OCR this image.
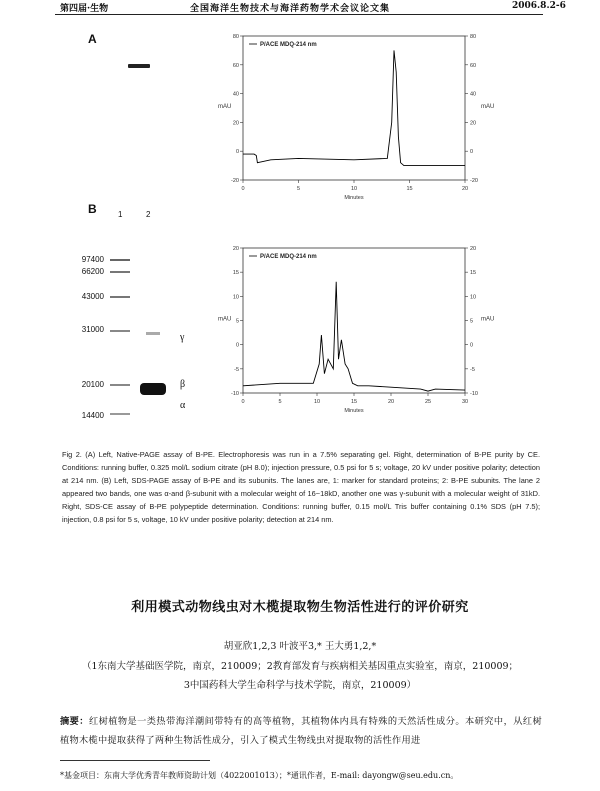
第四届·生物	全国海洋生物技术与海洋药物学术会议论文集	2006.8.2-6
A
0	5	10	15	20
-20	-20
0	0
20	20
40	40
60	60
80	80
mAU	mAU
Minutes
P/ACE MDQ-214 nm
B	1	2
97400
66200
43000
31000
20100
14400
γ
β
α	0	5	10	15	20	25	30
-10	-10
-5	-5
0	0
5	5
10	10
15	15
20	20
mAU	mAU
Minutes
P/ACE MDQ-214 nm
Fig 2. (A) Left, Native-PAGE assay of B-PE. Electrophoresis was run in a 7.5% separating gel. Right, determination of B-PE purity by CE. Conditions: running buffer, 0.325 mol/L sodium citrate (pH 8.0); injection pressure, 0.5 psi for 5 s; voltage, 20 kV under positive polarity; detection at 214 nm. (B) Left, SDS-PAGE assay of B-PE and its subunits. The lanes are, 1: marker for standard proteins; 2: B-PE subunits. The lane 2 appeared two bands, one was α-and β-subunit with a molecular weight of 16~18kD, another one was γ-subunit with a molecular weight of 31kD. Right, SDS-CE assay of B-PE polypeptide determination. Conditions: running buffer, 0.15 mol/L Tris buffer containing 0.1% SDS (pH 7.5); injection, 0.8 psi for 5 s, voltage, 10 kV under positive polarity; detection at 214 nm.
利用模式动物线虫对木榄提取物生物活性进行的评价研究
胡亚欣1,2,3 叶波平3,* 王大勇1,2,*
（1东南大学基础医学院，南京，210009；2教育部发育与疾病相关基因重点实验室，南京，210009；
3中国药科大学生命科学与技术学院，南京，210009）
摘要：红树植物是一类热带海洋潮间带特有的高等植物，其植物体内具有特殊的天然活性成分。本研究中，从红树植物木榄中提取获得了两种生物活性成分，引入了模式生物线虫对提取物的活性作用进
*基金项目：东南大学优秀青年教师资助计划（4022001013）；*通讯作者，E-mail: dayongw@seu.edu.cn。
